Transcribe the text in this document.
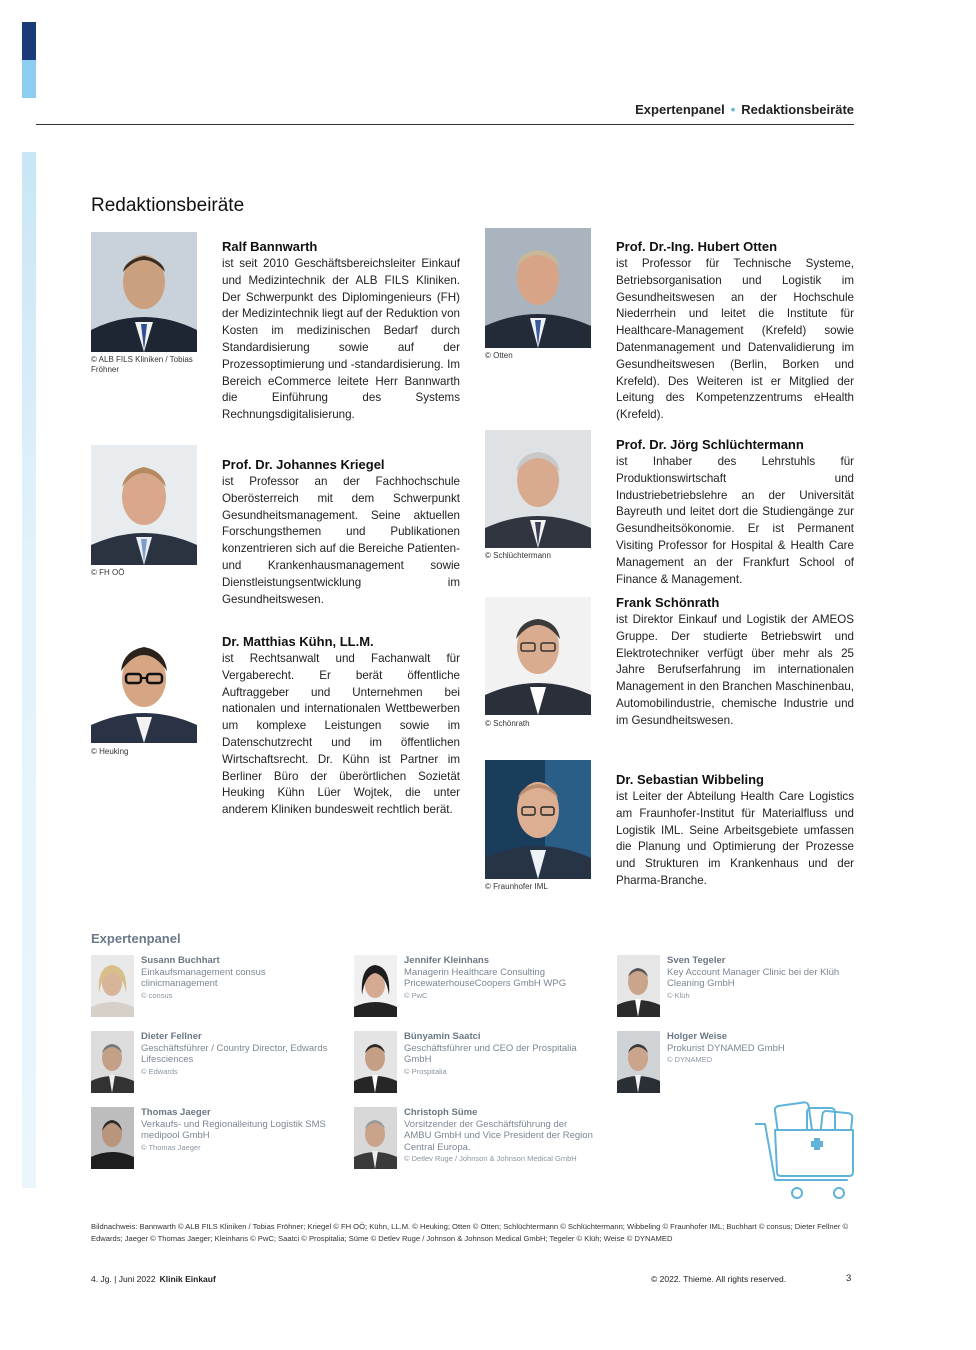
Expertenpanel • Redaktionsbeiräte
Redaktionsbeiräte
© ALB FILS Kliniken / Tobias Fröhner
Ralf Bannwarth
ist seit 2010 Geschäftsbereichsleiter Einkauf und Medizintechnik der ALB FILS Kliniken. Der Schwerpunkt des Diplomingenieurs (FH) der Medizintechnik liegt auf der Reduktion von Kosten im medizinischen Bedarf durch Standardisierung sowie auf der Prozessoptimierung und -standardisierung. Im Bereich eCommerce leitete Herr Bannwarth die Einführung des Systems Rechnungsdigitalisierung.
© FH OÖ
Prof. Dr. Johannes Kriegel
ist Professor an der Fachhochschule Oberösterreich mit dem Schwerpunkt Gesundheitsmanagement. Seine aktuellen Forschungsthemen und Publikationen konzentrieren sich auf die Bereiche Patienten- und Krankenhausmanagement sowie Dienstleistungsentwicklung im Gesundheitswesen.
© Heuking
Dr. Matthias Kühn, LL.M.
ist Rechtsanwalt und Fachanwalt für Vergaberecht. Er berät öffentliche Auftraggeber und Unternehmen bei nationalen und internationalen Wettbewerben um komplexe Leistungen sowie im Datenschutzrecht und im öffentlichen Wirtschaftsrecht. Dr. Kühn ist Partner im Berliner Büro der überörtlichen Sozietät Heuking Kühn Lüer Wojtek, die unter anderem Kliniken bundesweit rechtlich berät.
© Otten
Prof. Dr.-Ing. Hubert Otten
ist Professor für Technische Systeme, Betriebsorganisation und Logistik im Gesundheitswesen an der Hochschule Niederrhein und leitet die Institute für Healthcare-Management (Krefeld) sowie Datenmanagement und Datenvalidierung im Gesundheitswesen (Berlin, Borken und Krefeld). Des Weiteren ist er Mitglied der Leitung des Kompetenzzentrums eHealth (Krefeld).
© Schlüchtermann
Prof. Dr. Jörg Schlüchtermann
ist Inhaber des Lehrstuhls für Produktionswirtschaft und Industriebetriebslehre an der Universität Bayreuth und leitet dort die Studiengänge zur Gesundheitsökonomie. Er ist Permanent Visiting Professor for Hospital & Health Care Management an der Frankfurt School of Finance & Management.
© Schönrath
Frank Schönrath
ist Direktor Einkauf und Logistik der AMEOS Gruppe. Der studierte Betriebswirt und Elektrotechniker verfügt über mehr als 25 Jahre Berufserfahrung im internationalen Management in den Branchen Maschinenbau, Automobilindustrie, chemische Industrie und im Gesundheitswesen.
© Fraunhofer IML
Dr. Sebastian Wibbeling
ist Leiter der Abteilung Health Care Logistics am Fraunhofer-Institut für Materialfluss und Logistik IML. Seine Arbeitsgebiete umfassen die Planung und Optimierung der Prozesse und Strukturen im Krankenhaus und der Pharma-Branche.
Expertenpanel
Susann Buchhart
Einkaufsmanagement consus clinicmanagement
© consus
Jennifer Kleinhans
Managerin Healthcare Consulting PricewaterhouseCoopers GmbH WPG
© PwC
Sven Tegeler
Key Account Manager Clinic bei der Klüh Cleaning GmbH
© Klüh
Dieter Fellner
Geschäftsführer / Country Director, Edwards Lifesciences
© Edwards
Bünyamin Saatci
Geschäftsführer und CEO der Prospitalia GmbH
© Prospitalia
Holger Weise
Prokurist DYNAMED GmbH
© DYNAMED
Thomas Jaeger
Verkaufs- und Regionalleitung Logistik SMS medipool GmbH
© Thomas Jaeger
Christoph Süme
Vorsitzender der Geschäftsführung der AMBU GmbH und Vice President der Region Central Europa.
© Detlev Ruge / Johnson & Johnson Medical GmbH
Bildnachweis: Bannwarth © ALB FILS Kliniken / Tobias Fröhner; Kriegel © FH OÖ; Kühn, LL.M. © Heuking; Otten © Otten; Schlüchtermann © Schlüchtermann; Wibbeling © Fraunhofer IML; Buchhart © consus; Dieter Fellner © Edwards; Jaeger © Thomas Jaeger; Kleinhans © PwC; Saatci © Prospitalia; Süme © Detlev Ruge / Johnson & Johnson Medical GmbH; Tegeler © Klüh; Weise © DYNAMED
4. Jg. | Juni 2022 Klinik Einkauf	© 2022. Thieme. All rights reserved.	3
